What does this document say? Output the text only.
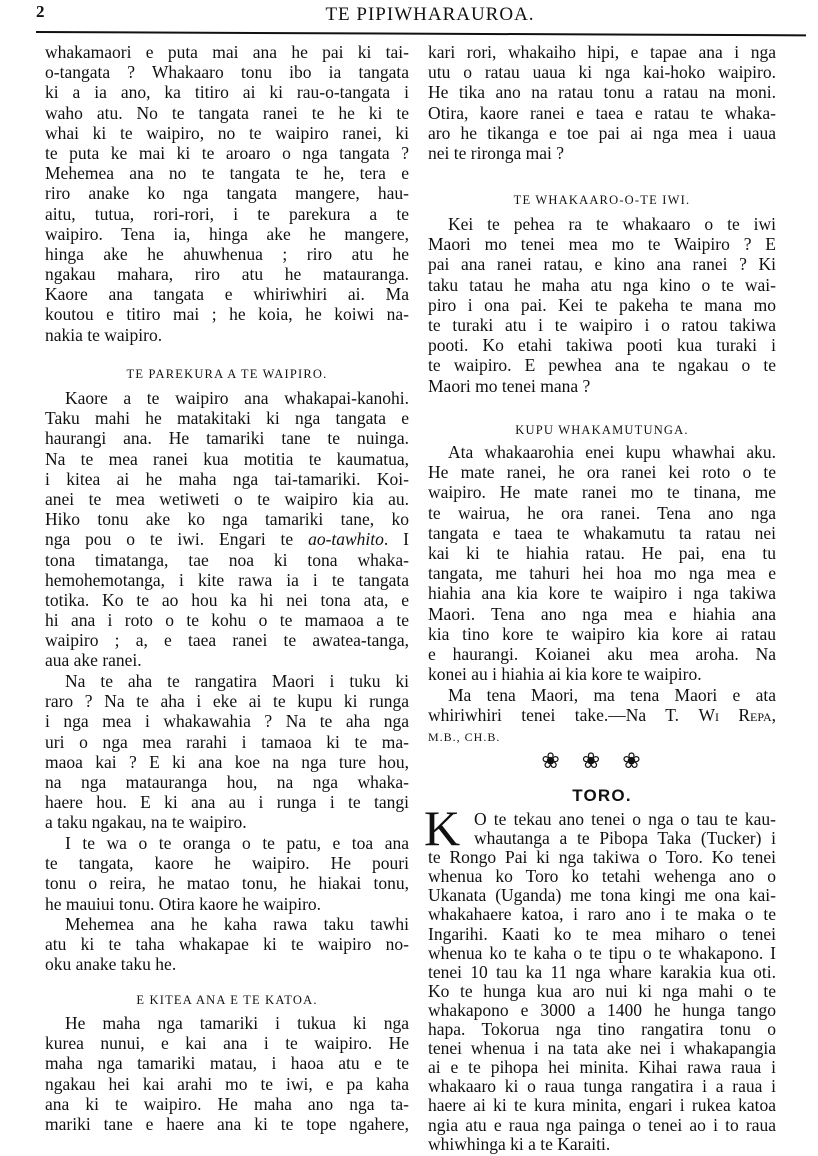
2	TE PIPIWHARAUROA.
whakamaori e puta mai ana he pai ki tai-
o-tangata ? Whakaaro tonu ibo ia tangata
ki a ia ano, ka titiro ai ki rau-o-tangata i
waho atu. No te tangata ranei te he ki te
whai ki te waipiro, no te waipiro ranei, ki
te puta ke mai ki te aroaro o nga tangata ?
Mehemea ana no te tangata te he, tera e
riro anake ko nga tangata mangere, hau-
aitu, tutua, rori-rori, i te parekura a te
waipiro. Tena ia, hinga ake he mangere,
hinga ake he ahuwhenua ; riro atu he
ngakau mahara, riro atu he matauranga.
Kaore ana tangata e whiriwhiri ai. Ma
koutou e titiro mai ; he koia, he koiwi na-
nakia te waipiro.
TE PAREKURA A TE WAIPIRO.
Kaore a te waipiro ana whakapai-kanohi.
Taku mahi he matakitaki ki nga tangata e
haurangi ana. He tamariki tane te nuinga.
Na te mea ranei kua motitia te kaumatua,
i kitea ai he maha nga tai-tamariki. Koi-
anei te mea wetiweti o te waipiro kia au.
Hiko tonu ake ko nga tamariki tane, ko
nga pou o te iwi. Engari te ao-tawhito. I
tona timatanga, tae noa ki tona whaka-
hemohemotanga, i kite rawa ia i te tangata
totika. Ko te ao hou ka hi nei tona ata, e
hi ana i roto o te kohu o te mamaoa a te
waipiro ; a, e taea ranei te awatea-tanga,
aua ake ranei.
Na te aha te rangatira Maori i tuku ki
raro ? Na te aha i eke ai te kupu ki runga
i nga mea i whakawahia ? Na te aha nga
uri o nga mea rarahi i tamaoa ki te ma-
maoa kai ? E ki ana koe na nga ture hou,
na nga matauranga hou, na nga whaka-
haere hou. E ki ana au i runga i te tangi
a taku ngakau, na te waipiro.
I te wa o te oranga o te patu, e toa ana
te tangata, kaore he waipiro. He pouri
tonu o reira, he matao tonu, he hiakai tonu,
he mauiui tonu. Otira kaore he waipiro.
Mehemea ana he kaha rawa taku tawhi
atu ki te taha whakapae ki te waipiro no-
oku anake taku he.
E KITEA ANA E TE KATOA.
He maha nga tamariki i tukua ki nga
kurea nunui, e kai ana i te waipiro. He
maha nga tamariki matau, i haoa atu e te
ngakau hei kai arahi mo te iwi, e pa kaha
ana ki te waipiro. He maha ano nga ta-
mariki tane e haere ana ki te tope ngahere,
kari rori, whakaiho hipi, e tapae ana i nga
utu o ratau uaua ki nga kai-hoko waipiro.
He tika ano na ratau tonu a ratau na moni.
Otira, kaore ranei e taea e ratau te whaka-
aro he tikanga e toe pai ai nga mea i uaua
nei te rironga mai ?
TE WHAKAARO-O-TE IWI.
Kei te pehea ra te whakaaro o te iwi
Maori mo tenei mea mo te Waipiro ? E
pai ana ranei ratau, e kino ana ranei ? Ki
taku tatau he maha atu nga kino o te wai-
piro i ona pai. Kei te pakeha te mana mo
te turaki atu i te waipiro i o ratou takiwa
pooti. Ko etahi takiwa pooti kua turaki i
te waipiro. E pewhea ana te ngakau o te
Maori mo tenei mana ?
KUPU WHAKAMUTUNGA.
Ata whakaarohia enei kupu whawhai aku.
He mate ranei, he ora ranei kei roto o te
waipiro. He mate ranei mo te tinana, me
te wairua, he ora ranei. Tena ano nga
tangata e taea te whakamutu ta ratau nei
kai ki te hiahia ratau. He pai, ena tu
tangata, me tahuri hei hoa mo nga mea e
hiahia ana kia kore te waipiro i nga takiwa
Maori. Tena ano nga mea e hiahia ana
kia tino kore te waipiro kia kore ai ratau
e haurangi. Koianei aku mea aroha. Na
konei au i hiahia ai kia kore te waipiro.
Ma tena Maori, ma tena Maori e ata
whiriwhiri tenei take.—Na T. Wi Repa,
M.B., CH.B.
❀❀❀
TORO.
K O te tekau ano tenei o nga o tau te kau-
whautanga a te Pibopa Taka (Tucker) i
te Rongo Pai ki nga takiwa o Toro. Ko tenei
whenua ko Toro ko tetahi wehenga ano o
Ukanata (Uganda) me tona kingi me ona kai-
whakahaere katoa, i raro ano i te maka o te
Ingarihi. Kaati ko te mea miharo o tenei
whenua ko te kaha o te tipu o te whakapono. I
tenei 10 tau ka 11 nga whare karakia kua oti.
Ko te hunga kua aro nui ki nga mahi o te
whakapono e 3000 a 1400 he hunga tango
hapa. Tokorua nga tino rangatira tonu o
tenei whenua i na tata ake nei i whakapangia
ai e te pihopa hei minita. Kihai rawa raua i
whakaaro ki o raua tunga rangatira i a raua i
haere ai ki te kura minita, engari i rukea katoa
ngia atu e raua nga painga o tenei ao i to raua
whiwhinga ki a te Karaiti.
